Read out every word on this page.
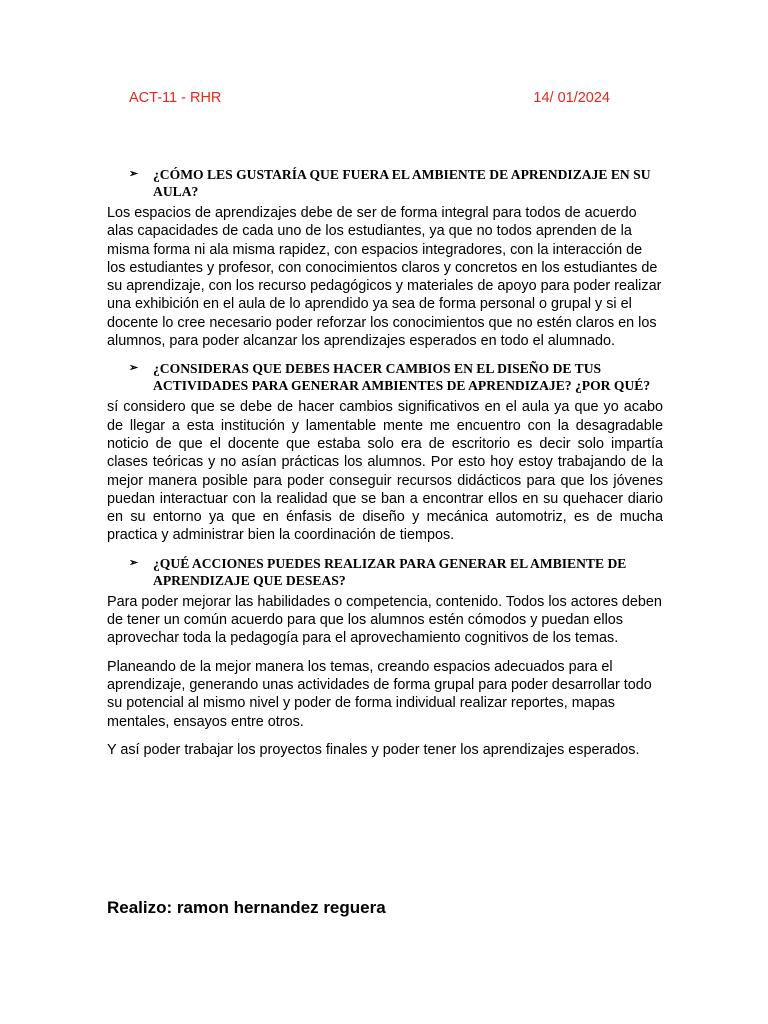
ACT-11 - RHR	14/ 01/2024
➢	¿CÓMO LES GUSTARÍA QUE FUERA EL AMBIENTE DE APRENDIZAJE EN SU AULA?

Los espacios de aprendizajes debe de ser de forma integral para todos de acuerdo alas capacidades de cada uno de los estudiantes, ya que no todos aprenden de la misma forma ni ala misma rapidez, con espacios integradores, con la interacción de los estudiantes y profesor, con conocimientos claros y concretos en los estudiantes de su aprendizaje, con los recurso pedagógicos y materiales de apoyo para poder realizar una exhibición en el aula de lo aprendido ya sea de forma personal o grupal y si el docente lo cree necesario poder reforzar los conocimientos que no estén claros en los alumnos, para poder alcanzar los aprendizajes esperados en todo el alumnado.

➢	¿CONSIDERAS QUE DEBES HACER CAMBIOS EN EL DISEÑO DE TUS ACTIVIDADES PARA GENERAR AMBIENTES DE APRENDIZAJE? ¿POR QUÉ?

sí considero que se debe de hacer cambios significativos en el aula ya que yo acabo de llegar a esta institución y lamentable mente me encuentro con la desagradable noticio de que el docente que estaba solo era de escritorio es decir solo impartía clases teóricas y no asían prácticas los alumnos. Por esto hoy estoy trabajando de la mejor manera posible para poder conseguir recursos didácticos para que los jóvenes puedan interactuar con la realidad que se ban a encontrar ellos en su quehacer diario en su entorno ya que en énfasis de diseño y mecánica automotriz, es de mucha practica y administrar bien la coordinación de tiempos.

➢	¿QUÉ ACCIONES PUEDES REALIZAR PARA GENERAR EL AMBIENTE DE APRENDIZAJE QUE DESEAS?

Para poder mejorar las habilidades o competencia, contenido. Todos los actores deben de tener un común acuerdo para que los alumnos estén cómodos y puedan ellos aprovechar toda la pedagogía para el aprovechamiento cognitivos de los temas.

Planeando de la mejor manera los temas, creando espacios adecuados para el aprendizaje, generando unas actividades de forma grupal para poder desarrollar todo su potencial al mismo nivel y poder de forma individual realizar reportes, mapas mentales, ensayos entre otros.

Y así poder trabajar los proyectos finales y poder tener los aprendizajes esperados.

Realizo: ramon hernandez reguera
